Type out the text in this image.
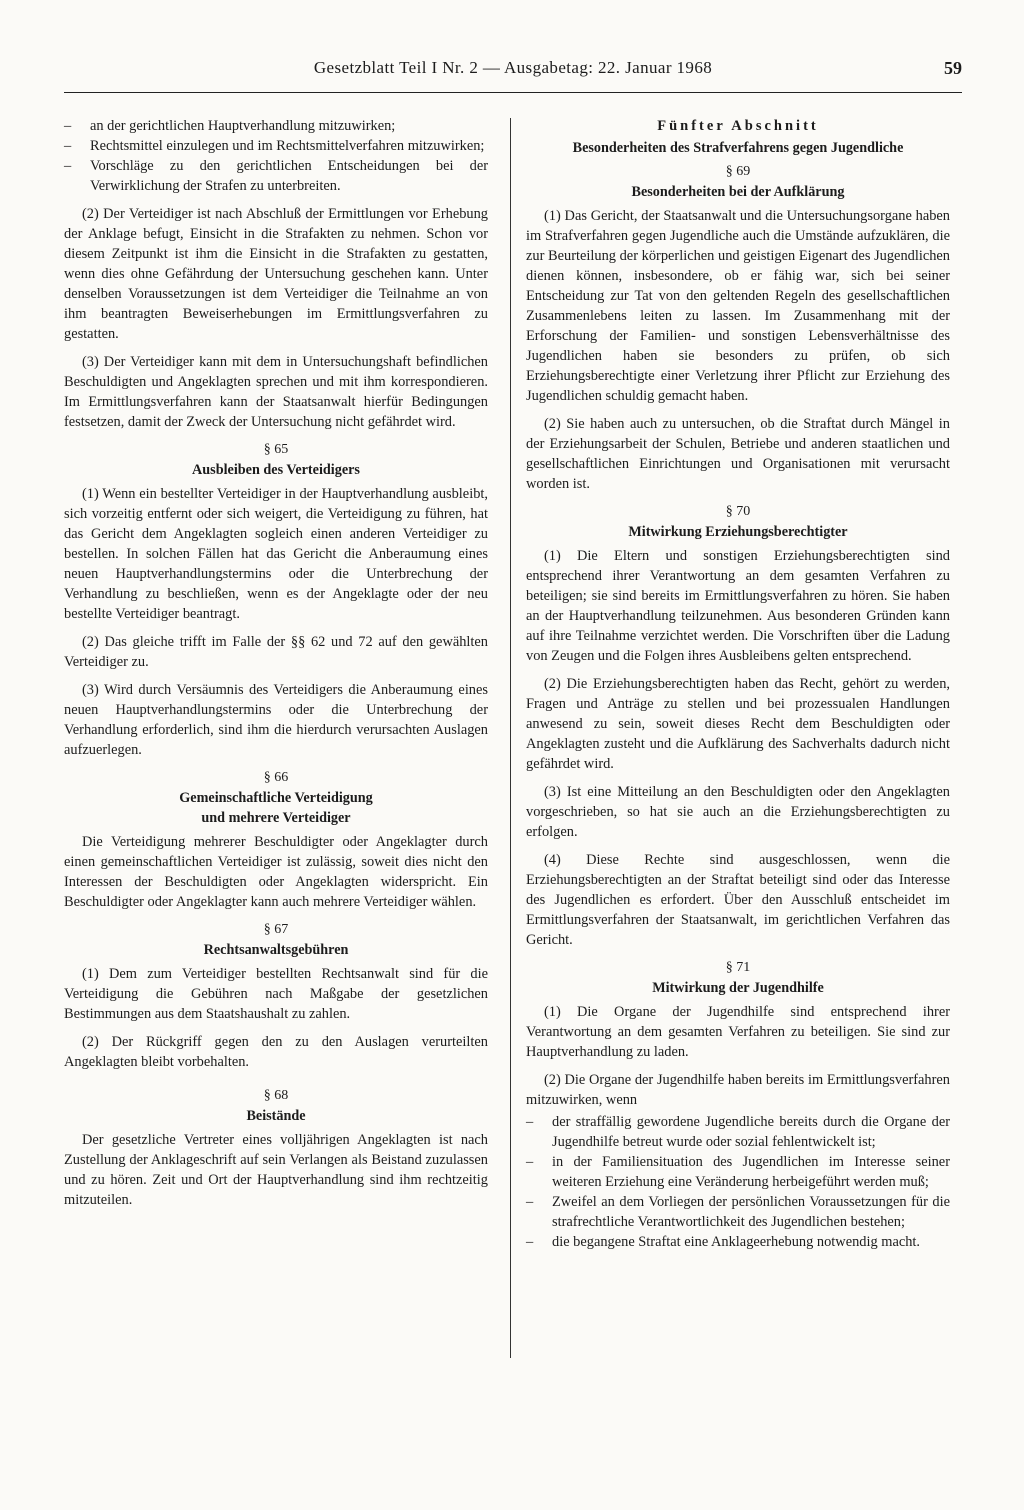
Gesetzblatt Teil I Nr. 2 — Ausgabetag: 22. Januar 1968	59
–	an der gerichtlichen Hauptverhandlung mitzuwirken;
–	Rechtsmittel einzulegen und im Rechtsmittelverfahren mitzuwirken;
–	Vorschläge zu den gerichtlichen Entscheidungen bei der Verwirklichung der Strafen zu unterbreiten.

(2) Der Verteidiger ist nach Abschluß der Ermittlungen vor Erhebung der Anklage befugt, Einsicht in die Strafakten zu nehmen. Schon vor diesem Zeitpunkt ist ihm die Einsicht in die Strafakten zu gestatten, wenn dies ohne Gefährdung der Untersuchung geschehen kann. Unter denselben Voraussetzungen ist dem Verteidiger die Teilnahme an von ihm beantragten Beweiserhebungen im Ermittlungsverfahren zu gestatten.

(3) Der Verteidiger kann mit dem in Untersuchungshaft befindlichen Beschuldigten und Angeklagten sprechen und mit ihm korrespondieren. Im Ermittlungsverfahren kann der Staatsanwalt hierfür Bedingungen festsetzen, damit der Zweck der Untersuchung nicht gefährdet wird.

§ 65
Ausbleiben des Verteidigers

(1) Wenn ein bestellter Verteidiger in der Hauptverhandlung ausbleibt, sich vorzeitig entfernt oder sich weigert, die Verteidigung zu führen, hat das Gericht dem Angeklagten sogleich einen anderen Verteidiger zu bestellen. In solchen Fällen hat das Gericht die Anberaumung eines neuen Hauptverhandlungstermins oder die Unterbrechung der Verhandlung zu beschließen, wenn es der Angeklagte oder der neu bestellte Verteidiger beantragt.

(2) Das gleiche trifft im Falle der §§ 62 und 72 auf den gewählten Verteidiger zu.

(3) Wird durch Versäumnis des Verteidigers die Anberaumung eines neuen Hauptverhandlungstermins oder die Unterbrechung der Verhandlung erforderlich, sind ihm die hierdurch verursachten Auslagen aufzuerlegen.

§ 66
Gemeinschaftliche Verteidigung
und mehrere Verteidiger

Die Verteidigung mehrerer Beschuldigter oder Angeklagter durch einen gemeinschaftlichen Verteidiger ist zulässig, soweit dies nicht den Interessen der Beschuldigten oder Angeklagten widerspricht. Ein Beschuldigter oder Angeklagter kann auch mehrere Verteidiger wählen.

§ 67
Rechtsanwaltsgebühren

(1) Dem zum Verteidiger bestellten Rechtsanwalt sind für die Verteidigung die Gebühren nach Maßgabe der gesetzlichen Bestimmungen aus dem Staatshaushalt zu zahlen.

(2) Der Rückgriff gegen den zu den Auslagen verurteilten Angeklagten bleibt vorbehalten.

§ 68
Beistände

Der gesetzliche Vertreter eines volljährigen Angeklagten ist nach Zustellung der Anklageschrift auf sein Verlangen als Beistand zuzulassen und zu hören. Zeit und Ort der Hauptverhandlung sind ihm rechtzeitig mitzuteilen.

Fünfter Abschnitt
Besonderheiten des Strafverfahrens gegen Jugendliche
§ 69
Besonderheiten bei der Aufklärung

(1) Das Gericht, der Staatsanwalt und die Untersuchungsorgane haben im Strafverfahren gegen Jugendliche auch die Umstände aufzuklären, die zur Beurteilung der körperlichen und geistigen Eigenart des Jugendlichen dienen können, insbesondere, ob er fähig war, sich bei seiner Entscheidung zur Tat von den geltenden Regeln des gesellschaftlichen Zusammenlebens leiten zu lassen. Im Zusammenhang mit der Erforschung der Familien- und sonstigen Lebensverhältnisse des Jugendlichen haben sie besonders zu prüfen, ob sich Erziehungsberechtigte einer Verletzung ihrer Pflicht zur Erziehung des Jugendlichen schuldig gemacht haben.

(2) Sie haben auch zu untersuchen, ob die Straftat durch Mängel in der Erziehungsarbeit der Schulen, Betriebe und anderen staatlichen und gesellschaftlichen Einrichtungen und Organisationen mit verursacht worden ist.

§ 70
Mitwirkung Erziehungsberechtigter

(1) Die Eltern und sonstigen Erziehungsberechtigten sind entsprechend ihrer Verantwortung an dem gesamten Verfahren zu beteiligen; sie sind bereits im Ermittlungsverfahren zu hören. Sie haben an der Hauptverhandlung teilzunehmen. Aus besonderen Gründen kann auf ihre Teilnahme verzichtet werden. Die Vorschriften über die Ladung von Zeugen und die Folgen ihres Ausbleibens gelten entsprechend.

(2) Die Erziehungsberechtigten haben das Recht, gehört zu werden, Fragen und Anträge zu stellen und bei prozessualen Handlungen anwesend zu sein, soweit dieses Recht dem Beschuldigten oder Angeklagten zusteht und die Aufklärung des Sachverhalts dadurch nicht gefährdet wird.

(3) Ist eine Mitteilung an den Beschuldigten oder den Angeklagten vorgeschrieben, so hat sie auch an die Erziehungsberechtigten zu erfolgen.

(4) Diese Rechte sind ausgeschlossen, wenn die Erziehungsberechtigten an der Straftat beteiligt sind oder das Interesse des Jugendlichen es erfordert. Über den Ausschluß entscheidet im Ermittlungsverfahren der Staatsanwalt, im gerichtlichen Verfahren das Gericht.

§ 71
Mitwirkung der Jugendhilfe

(1) Die Organe der Jugendhilfe sind entsprechend ihrer Verantwortung an dem gesamten Verfahren zu beteiligen. Sie sind zur Hauptverhandlung zu laden.

(2) Die Organe der Jugendhilfe haben bereits im Ermittlungsverfahren mitzuwirken, wenn

–	der straffällig gewordene Jugendliche bereits durch die Organe der Jugendhilfe betreut wurde oder sozial fehlentwickelt ist;
–	in der Familiensituation des Jugendlichen im Interesse seiner weiteren Erziehung eine Veränderung herbeigeführt werden muß;
–	Zweifel an dem Vorliegen der persönlichen Voraussetzungen für die strafrechtliche Verantwortlichkeit des Jugendlichen bestehen;
–	die begangene Straftat eine Anklageerhebung notwendig macht.
